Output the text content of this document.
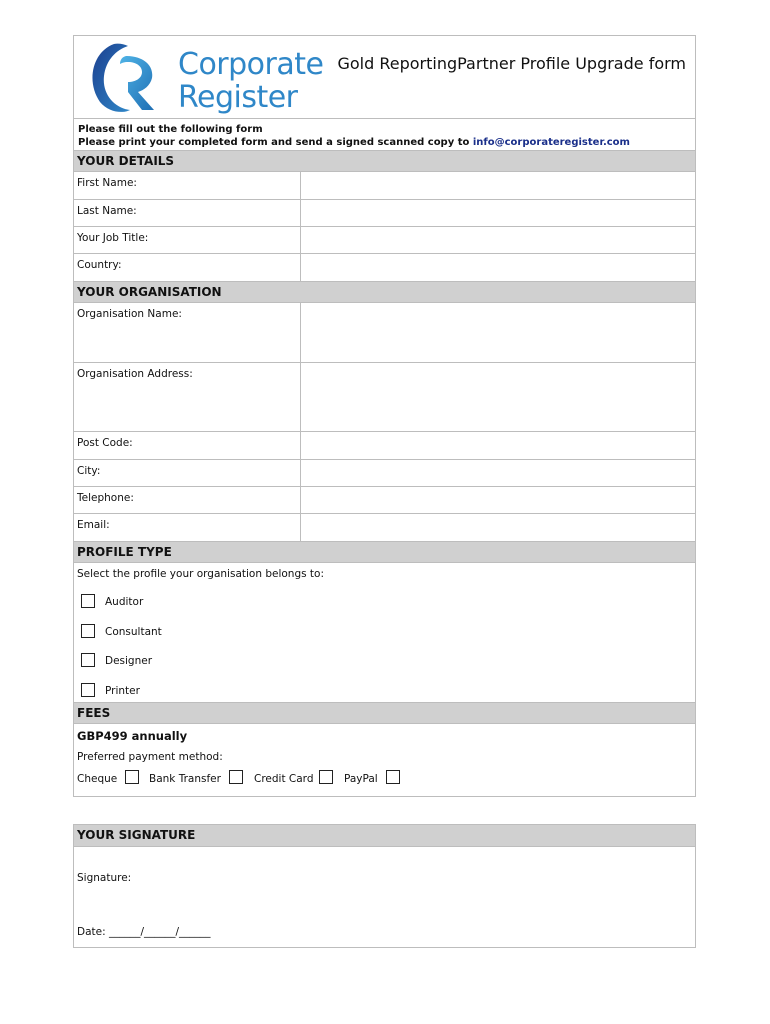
Corporate
Register
Gold ReportingPartner Profile Upgrade form
Please fill out the following form
Please print your completed form and send a signed scanned copy to info@corporateregister.com
YOUR DETAILS
First Name:
Last Name:
Your Job Title:
Country:
YOUR ORGANISATION
Organisation Name:
Organisation Address:
Post Code:
City:
Telephone:
Email:
PROFILE TYPE
Select the profile your organisation belongs to:
Auditor
Consultant
Designer
Printer
FEES
GBP499 annually
Preferred payment method:
Cheque	Bank Transfer	Credit Card	PayPal
YOUR SIGNATURE
Signature:
Date: ______/______/______
